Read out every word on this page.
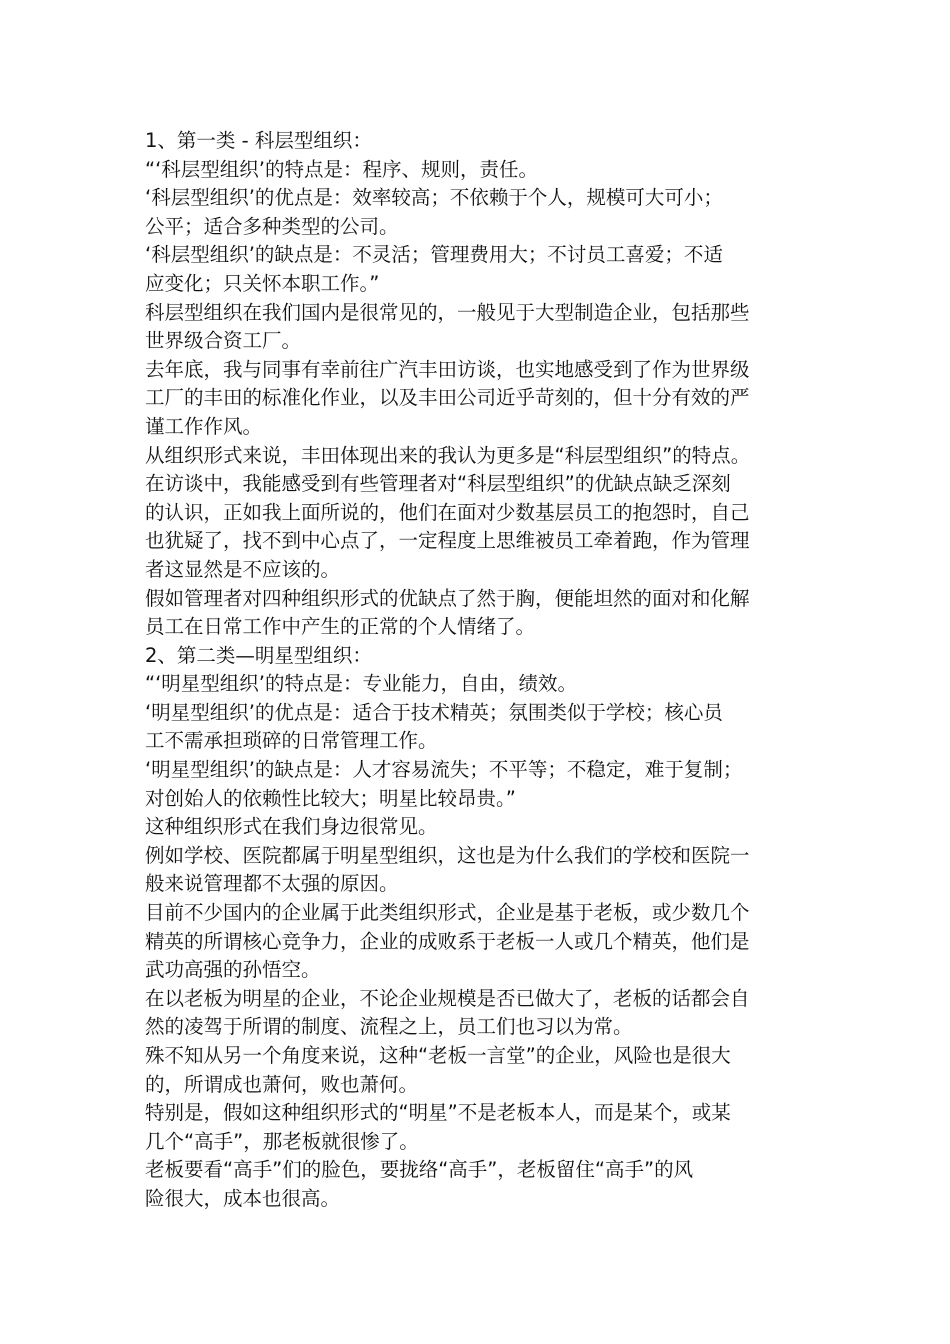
1、第一类 - 科层型组织：
“‘科层型组织’的特点是：程序、规则，责任。
‘科层型组织’的优点是：效率较高；不依赖于个人，规模可大可小；
公平；适合多种类型的公司。
‘科层型组织’的缺点是：不灵活；管理费用大；不讨员工喜爱；不适
应变化；只关怀本职工作。”
科层型组织在我们国内是很常见的，一般见于大型制造企业，包括那些
世界级合资工厂。
去年底，我与同事有幸前往广汽丰田访谈，也实地感受到了作为世界级
工厂的丰田的标准化作业，以及丰田公司近乎苛刻的，但十分有效的严
谨工作作风。
从组织形式来说，丰田体现出来的我认为更多是“科层型组织”的特点。
在访谈中，我能感受到有些管理者对“科层型组织”的优缺点缺乏深刻
的认识，正如我上面所说的，他们在面对少数基层员工的抱怨时，自己
也犹疑了，找不到中心点了，一定程度上思维被员工牵着跑，作为管理
者这显然是不应该的。
假如管理者对四种组织形式的优缺点了然于胸，便能坦然的面对和化解
员工在日常工作中产生的正常的个人情绪了。
2、第二类—明星型组织：
“‘明星型组织’的特点是：专业能力，自由，绩效。
‘明星型组织’的优点是：适合于技术精英；氛围类似于学校；核心员
工不需承担琐碎的日常管理工作。
‘明星型组织’的缺点是：人才容易流失；不平等；不稳定，难于复制；
对创始人的依赖性比较大；明星比较昂贵。”
这种组织形式在我们身边很常见。
例如学校、医院都属于明星型组织，这也是为什么我们的学校和医院一
般来说管理都不太强的原因。
目前不少国内的企业属于此类组织形式，企业是基于老板，或少数几个
精英的所谓核心竞争力，企业的成败系于老板一人或几个精英，他们是
武功高强的孙悟空。
在以老板为明星的企业，不论企业规模是否已做大了，老板的话都会自
然的凌驾于所谓的制度、流程之上，员工们也习以为常。
殊不知从另一个角度来说，这种“老板一言堂”的企业，风险也是很大
的，所谓成也萧何，败也萧何。
特别是，假如这种组织形式的“明星”不是老板本人，而是某个，或某
几个“高手”，那老板就很惨了。
老板要看“高手”们的脸色，要拢络“高手”，老板留住“高手”的风
险很大，成本也很高。
